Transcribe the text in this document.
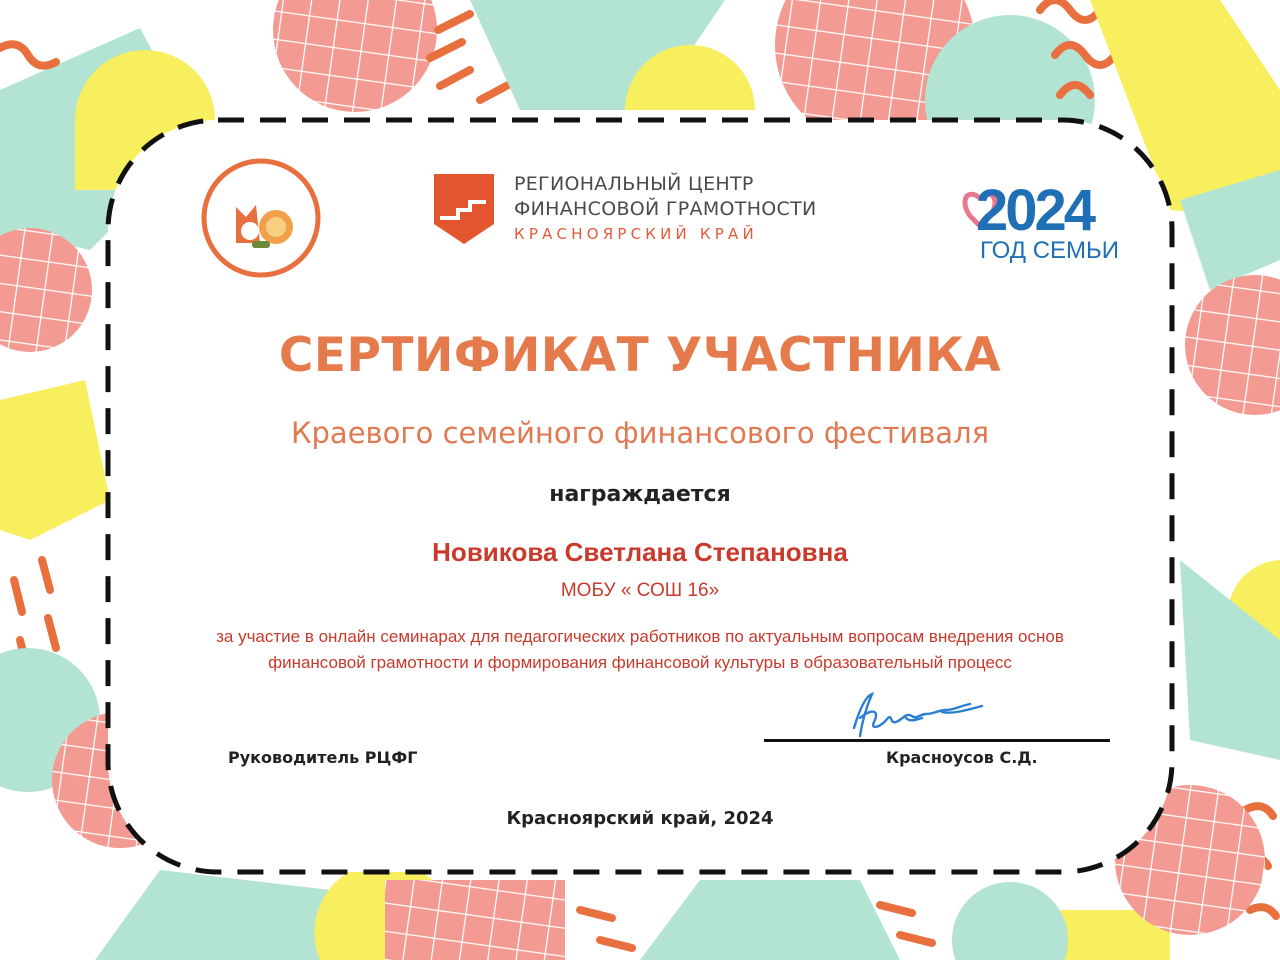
РЕГИОНАЛЬНЫЙ ЦЕНТР
ФИНАНСОВОЙ ГРАМОТНОСТИ
КРАСНОЯРСКИЙ КРАЙ	2024
ГОД СЕМЬИ
СЕРТИФИКАТ УЧАСТНИКА
Краевого семейного финансового фестиваля
награждается
Новикова Светлана Степановна
МОБУ « СОШ 16»
за участие в онлайн семинарах для педагогических работников по актуальным вопросам внедрения основ
финансовой грамотности и формирования финансовой культуры в образовательный процесс
Руководитель РЦФГ	Красноусов С.Д.
Красноярский край, 2024
